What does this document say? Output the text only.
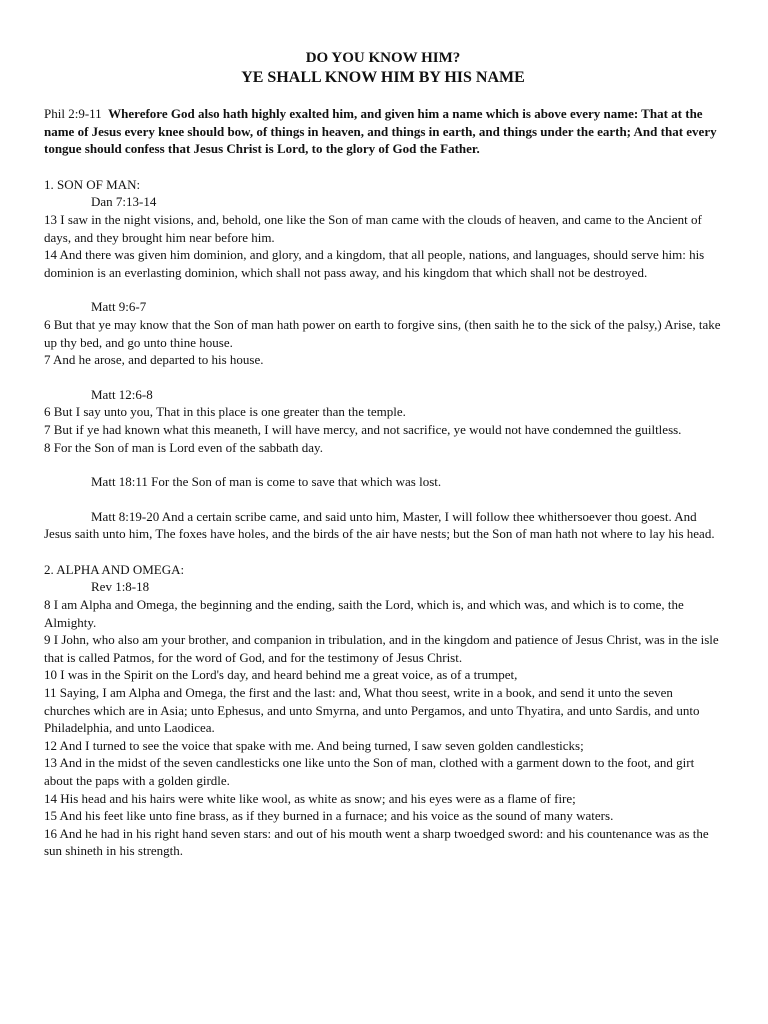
DO YOU KNOW HIM?

YE SHALL KNOW HIM BY HIS NAME

Phil 2:9-11 Wherefore God also hath highly exalted him, and given him a name which is above every name: That at the name of Jesus every knee should bow, of things in heaven, and things in earth, and things under the earth; And that every tongue should confess that Jesus Christ is Lord, to the glory of God the Father.

1. SON OF MAN:

Dan 7:13-14

13 I saw in the night visions, and, behold, one like the Son of man came with the clouds of heaven, and came to the Ancient of days, and they brought him near before him.

14 And there was given him dominion, and glory, and a kingdom, that all people, nations, and languages, should serve him: his dominion is an everlasting dominion, which shall not pass away, and his kingdom that which shall not be destroyed.

Matt 9:6-7

6 But that ye may know that the Son of man hath power on earth to forgive sins, (then saith he to the sick of the palsy,) Arise, take up thy bed, and go unto thine house.

7 And he arose, and departed to his house.

Matt 12:6-8

6 But I say unto you, That in this place is one greater than the temple.

7 But if ye had known what this meaneth, I will have mercy, and not sacrifice, ye would not have condemned the guiltless.

8 For the Son of man is Lord even of the sabbath day.

Matt 18:11 For the Son of man is come to save that which was lost.

Matt 8:19-20 And a certain scribe came, and said unto him, Master, I will follow thee whithersoever thou goest. And Jesus saith unto him, The foxes have holes, and the birds of the air have nests; but the Son of man hath not where to lay his head.

2. ALPHA AND OMEGA:

Rev 1:8-18

8 I am Alpha and Omega, the beginning and the ending, saith the Lord, which is, and which was, and which is to come, the Almighty.

9 I John, who also am your brother, and companion in tribulation, and in the kingdom and patience of Jesus Christ, was in the isle that is called Patmos, for the word of God, and for the testimony of Jesus Christ.

10 I was in the Spirit on the Lord's day, and heard behind me a great voice, as of a trumpet,

11 Saying, I am Alpha and Omega, the first and the last: and, What thou seest, write in a book, and send it unto the seven churches which are in Asia; unto Ephesus, and unto Smyrna, and unto Pergamos, and unto Thyatira, and unto Sardis, and unto Philadelphia, and unto Laodicea.

12 And I turned to see the voice that spake with me. And being turned, I saw seven golden candlesticks;

13 And in the midst of the seven candlesticks one like unto the Son of man, clothed with a garment down to the foot, and girt about the paps with a golden girdle.

14 His head and his hairs were white like wool, as white as snow; and his eyes were as a flame of fire;

15 And his feet like unto fine brass, as if they burned in a furnace; and his voice as the sound of many waters.

16 And he had in his right hand seven stars: and out of his mouth went a sharp twoedged sword: and his countenance was as the sun shineth in his strength.
